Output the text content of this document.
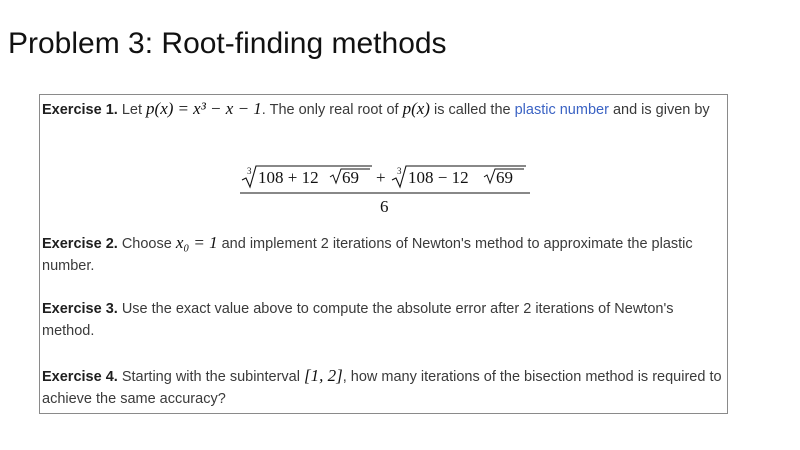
Problem 3: Root-finding methods
Exercise 1. Let p(x) = x³ − x − 1. The only real root of p(x) is called the plastic number and is given by
3 108 + 12 69 + 3 108 − 12 69
6
Exercise 2. Choose x₀ = 1 and implement 2 iterations of Newton's method to approximate the plastic number.
Exercise 3. Use the exact value above to compute the absolute error after 2 iterations of Newton's method.
Exercise 4. Starting with the subinterval [1, 2], how many iterations of the bisection method is required to achieve the same accuracy?
